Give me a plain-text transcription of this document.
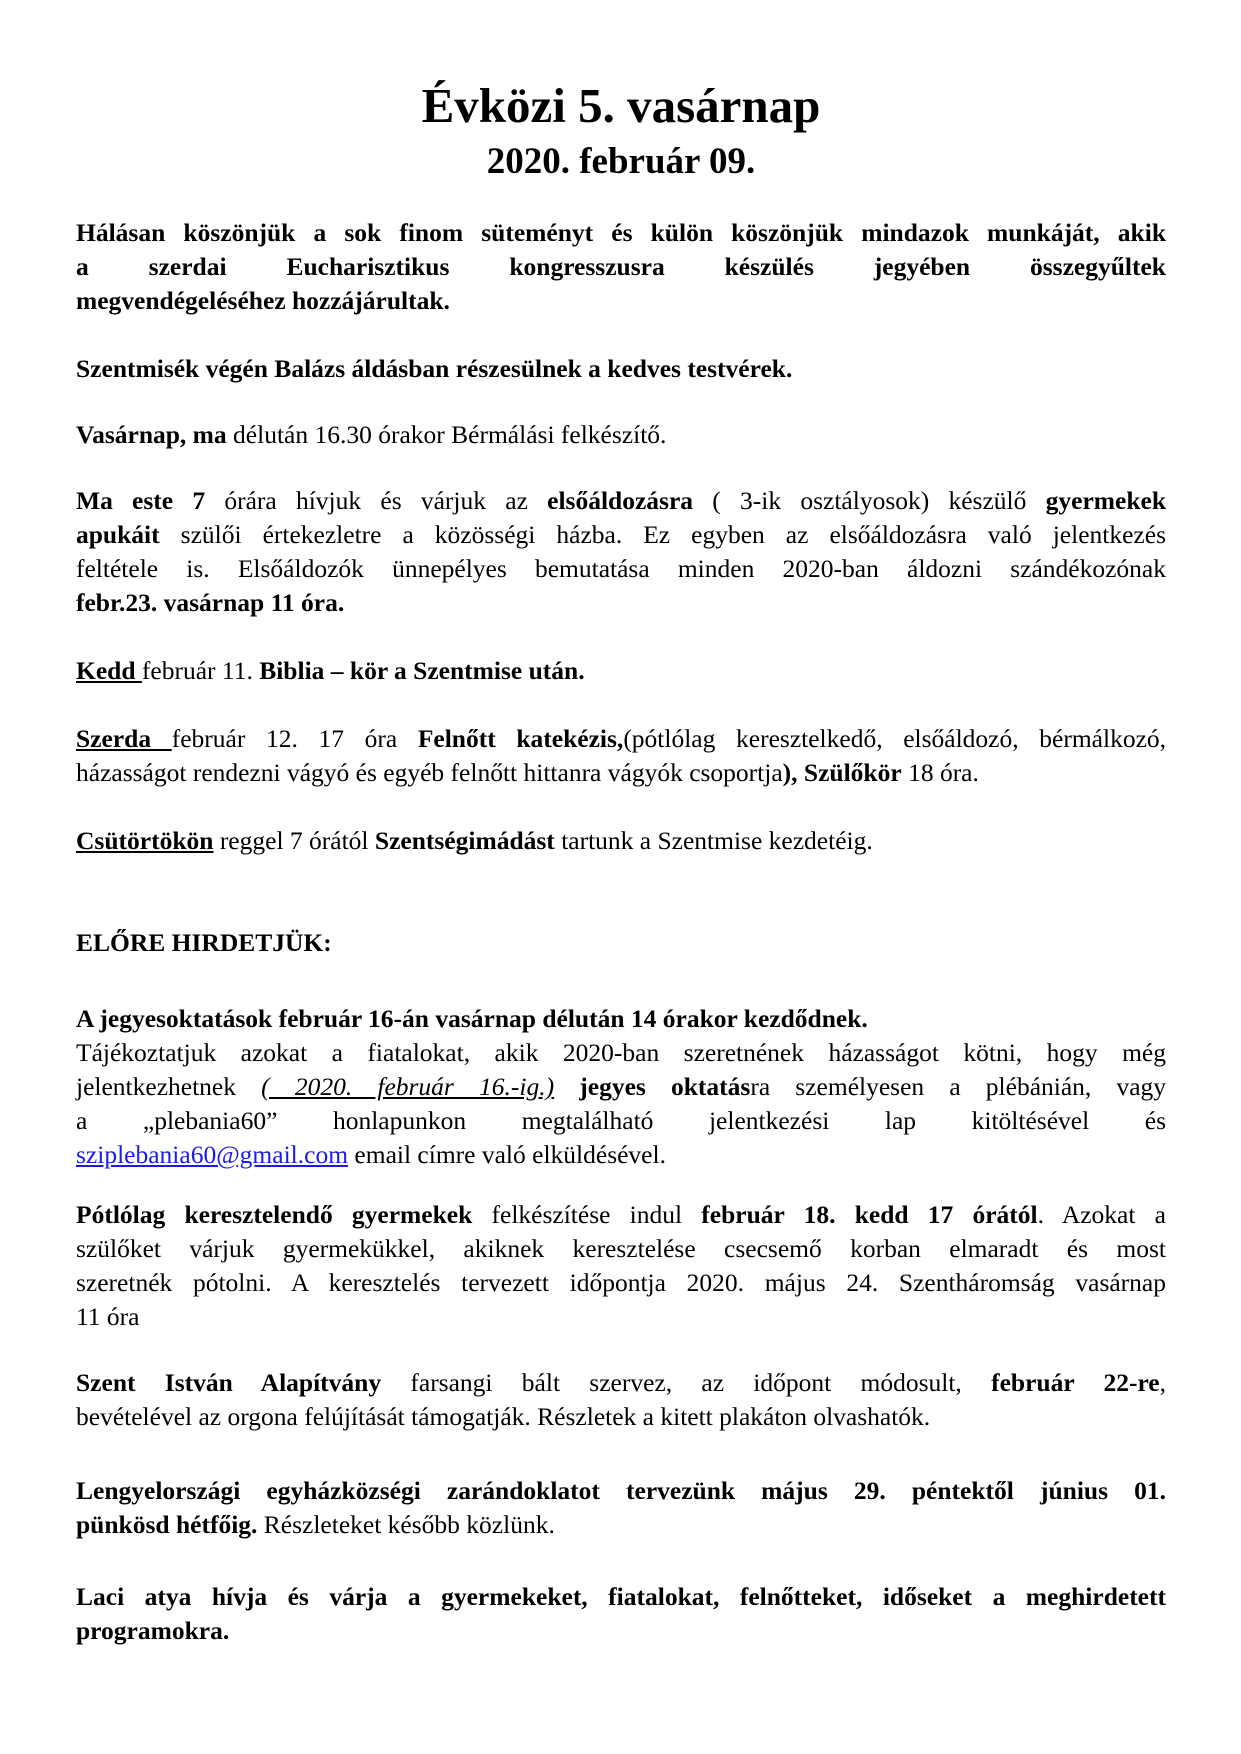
Évközi 5. vasárnap
2020. február 09.
Hálásan köszönjük a sok finom süteményt és külön köszönjük mindazok munkáját, akik
a szerdai Eucharisztikus kongresszusra készülés jegyében összegyűltek
megvendégeléséhez hozzájárultak.
Szentmisék végén Balázs áldásban részesülnek a kedves testvérek.
Vasárnap, ma délután 16.30 órakor Bérmálási felkészítő.
Ma este 7 órára hívjuk és várjuk az elsőáldozásra ( 3-ik osztályosok) készülő gyermekek
apukáit szülői értekezletre a közösségi házba. Ez egyben az elsőáldozásra való jelentkezés
feltétele is. Elsőáldozók ünnepélyes bemutatása minden 2020-ban áldozni szándékozónak
febr.23. vasárnap 11 óra.
Kedd február 11. Biblia – kör a Szentmise után.
Szerda február 12. 17 óra Felnőtt katekézis,(pótlólag keresztelkedő, elsőáldozó, bérmálkozó,
házasságot rendezni vágyó és egyéb felnőtt hittanra vágyók csoportja), Szülőkör 18 óra.
Csütörtökön reggel 7 órától Szentségimádást tartunk a Szentmise kezdetéig.
ELŐRE HIRDETJÜK:
A jegyesoktatások február 16-án vasárnap délután 14 órakor kezdődnek.
Tájékoztatjuk azokat a fiatalokat, akik 2020-ban szeretnének házasságot kötni, hogy még
jelentkezhetnek ( 2020. február 16.-ig.) jegyes oktatásra személyesen a plébánián, vagy
a „plebania60” honlapunkon megtalálható jelentkezési lap kitöltésével és
sziplebania60@gmail.com email címre való elküldésével.
Pótlólag keresztelendő gyermekek felkészítése indul február 18. kedd 17 órától. Azokat a
szülőket várjuk gyermekükkel, akiknek keresztelése csecsemő korban elmaradt és most
szeretnék pótolni. A keresztelés tervezett időpontja 2020. május 24. Szentháromság vasárnap
11 óra
Szent István Alapítvány farsangi bált szervez, az időpont módosult, február 22-re,
bevételével az orgona felújítását támogatják. Részletek a kitett plakáton olvashatók.
Lengyelországi egyházközségi zarándoklatot tervezünk május 29. péntektől június 01.
pünkösd hétfőig. Részleteket később közlünk.
Laci atya hívja és várja a gyermekeket, fiatalokat, felnőtteket, időseket a meghirdetett
programokra.
